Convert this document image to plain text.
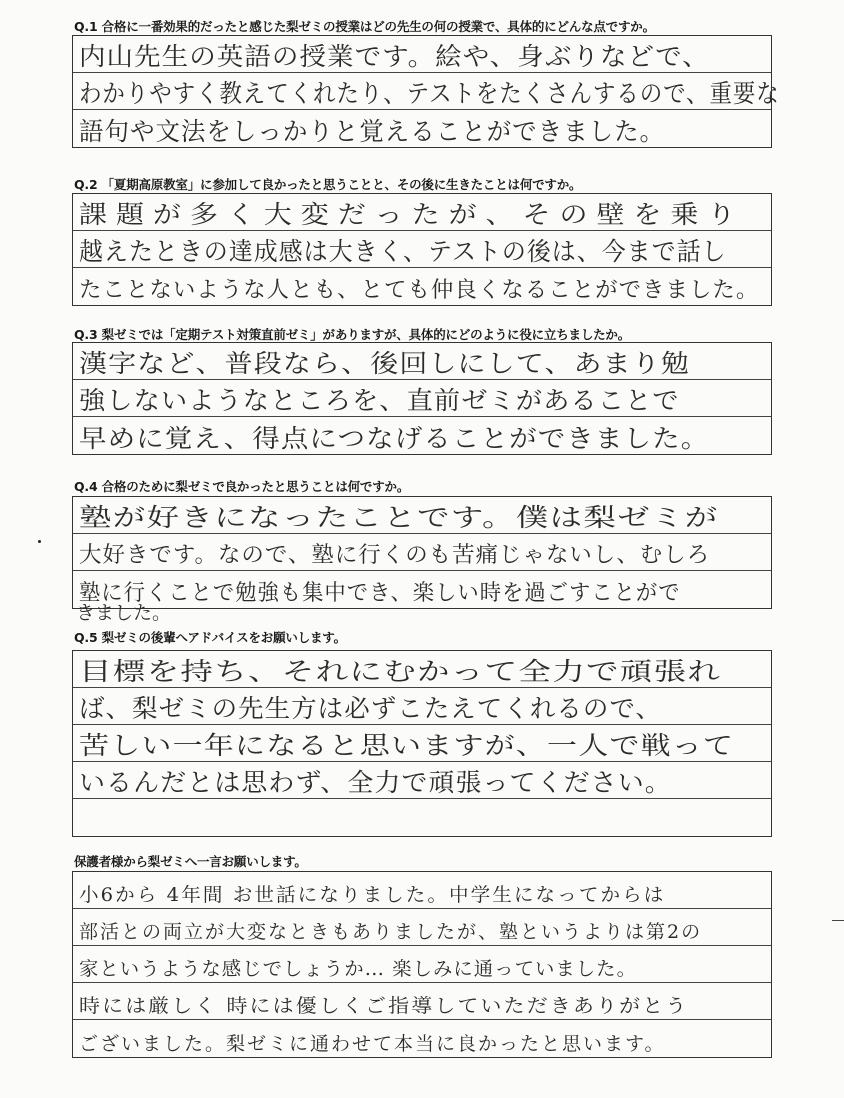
Q.1 合格に一番効果的だったと感じた梨ゼミの授業はどの先生の何の授業で、具体的にどんな点ですか。
内山先生の英語の授業です。絵や、身ぶりなどで、
わかりやすく教えてくれたり、テストをたくさんするので、重要な
語句や文法をしっかりと覚えることができました。
Q.2 「夏期高原教室」に参加して良かったと思うことと、その後に生きたことは何ですか。
課題が多く大変だったが、その壁を乗り
越えたときの達成感は大きく、テストの後は、今まで話し
たことないような人とも、とても仲良くなることができました。
Q.3 梨ゼミでは「定期テスト対策直前ゼミ」がありますが、具体的にどのように役に立ちましたか。
漢字など、普段なら、後回しにして、あまり勉
強しないようなところを、直前ゼミがあることで
早めに覚え、得点につなげることができました。
Q.4 合格のために梨ゼミで良かったと思うことは何ですか。
塾が好きになったことです。僕は梨ゼミが
大好きです。なので、塾に行くのも苦痛じゃないし、むしろ
塾に行くことで勉強も集中でき、楽しい時を過ごすことがで
きました。
Q.5 梨ゼミの後輩へアドバイスをお願いします。
目標を持ち、それにむかって全力で頑張れ
ば、梨ゼミの先生方は必ずこたえてくれるので、
苦しい一年になると思いますが、一人で戦って
いるんだとは思わず、全力で頑張ってください。
保護者様から梨ゼミへ一言お願いします。
小6から 4年間 お世話になりました。中学生になってからは
部活との両立が大変なときもありましたが、塾というよりは第2の
家というような感じでしょうか… 楽しみに通っていました。
時には厳しく 時には優しくご指導していただきありがとう
ございました。梨ゼミに通わせて本当に良かったと思います。
